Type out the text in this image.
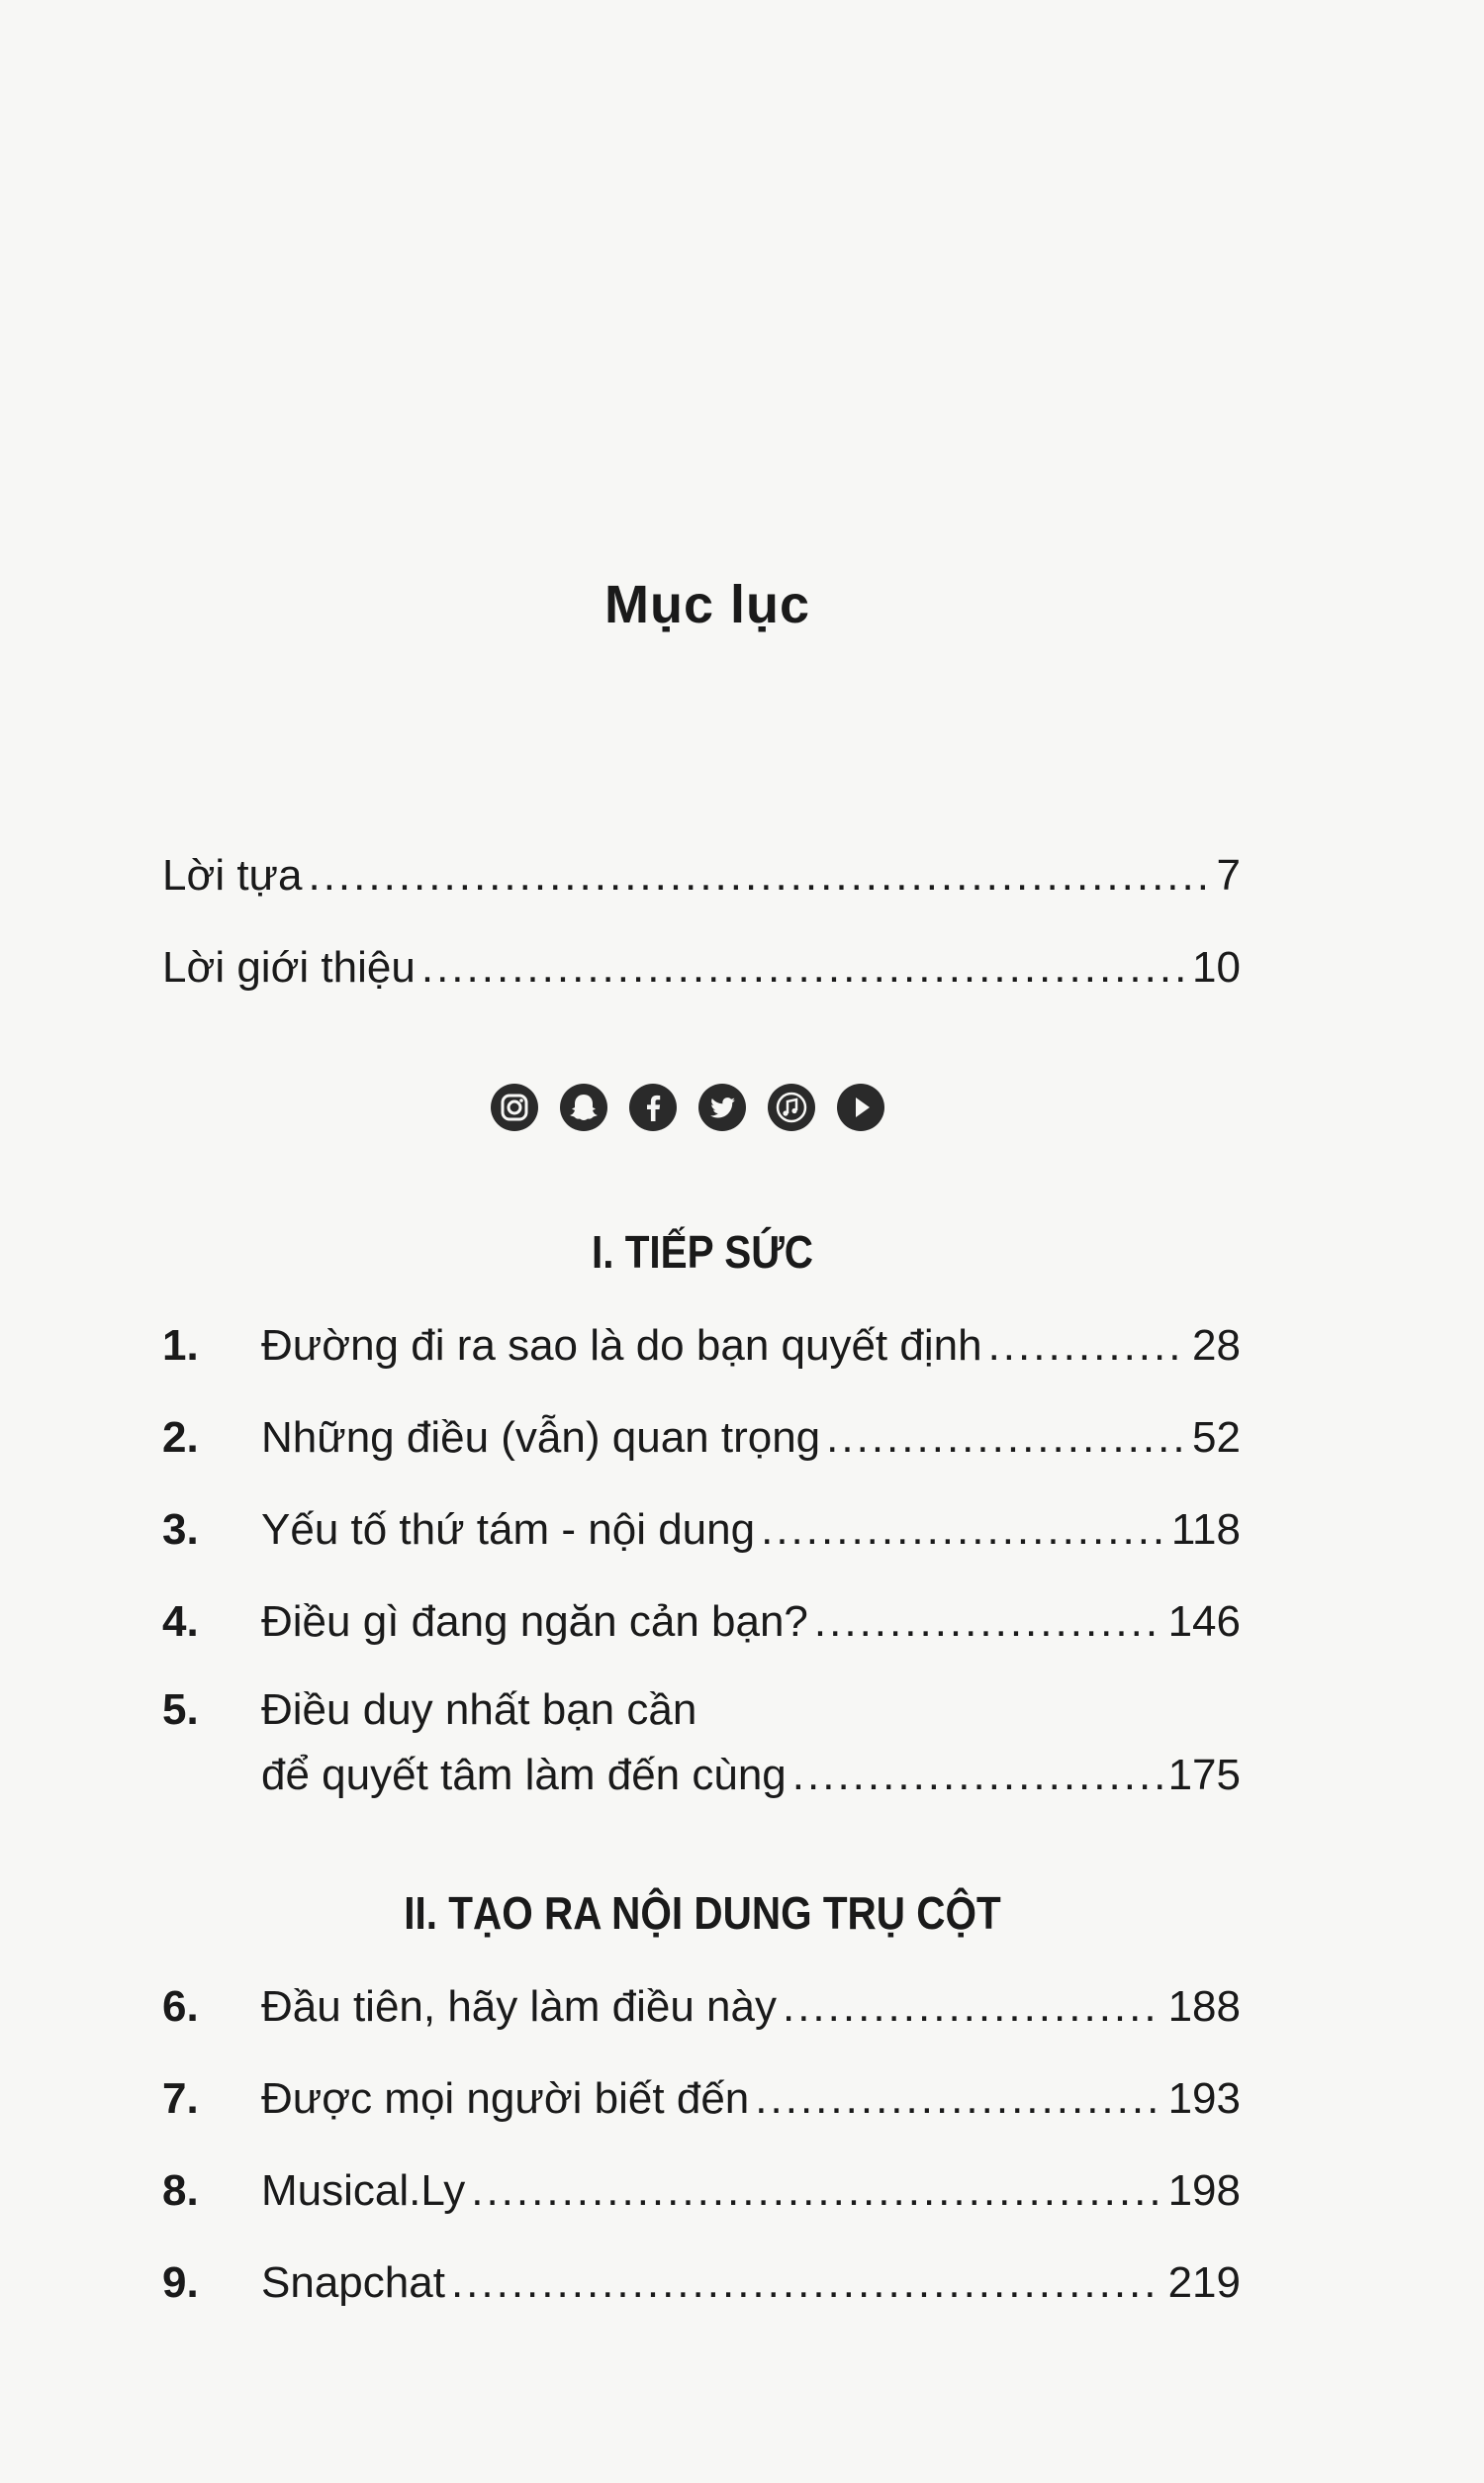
Mục lục
Lời tựa .....	7
Lời giới thiệu .....	10
I. TIẾP SỨC
1.	Đường đi ra sao là do bạn quyết định .....	28
2.	Những điều (vẫn) quan trọng .....	52
3.	Yếu tố thứ tám - nội dung .....	118
4.	Điều gì đang ngăn cản bạn? .....	146
5.	Điều duy nhất bạn cần
để quyết tâm làm đến cùng .....	175
II. TẠO RA NỘI DUNG TRỤ CỘT
6.	Đầu tiên, hãy làm điều này .....	188
7.	Được mọi người biết đến .....	193
8.	Musical.Ly .....	198
9.	Snapchat .....	219
